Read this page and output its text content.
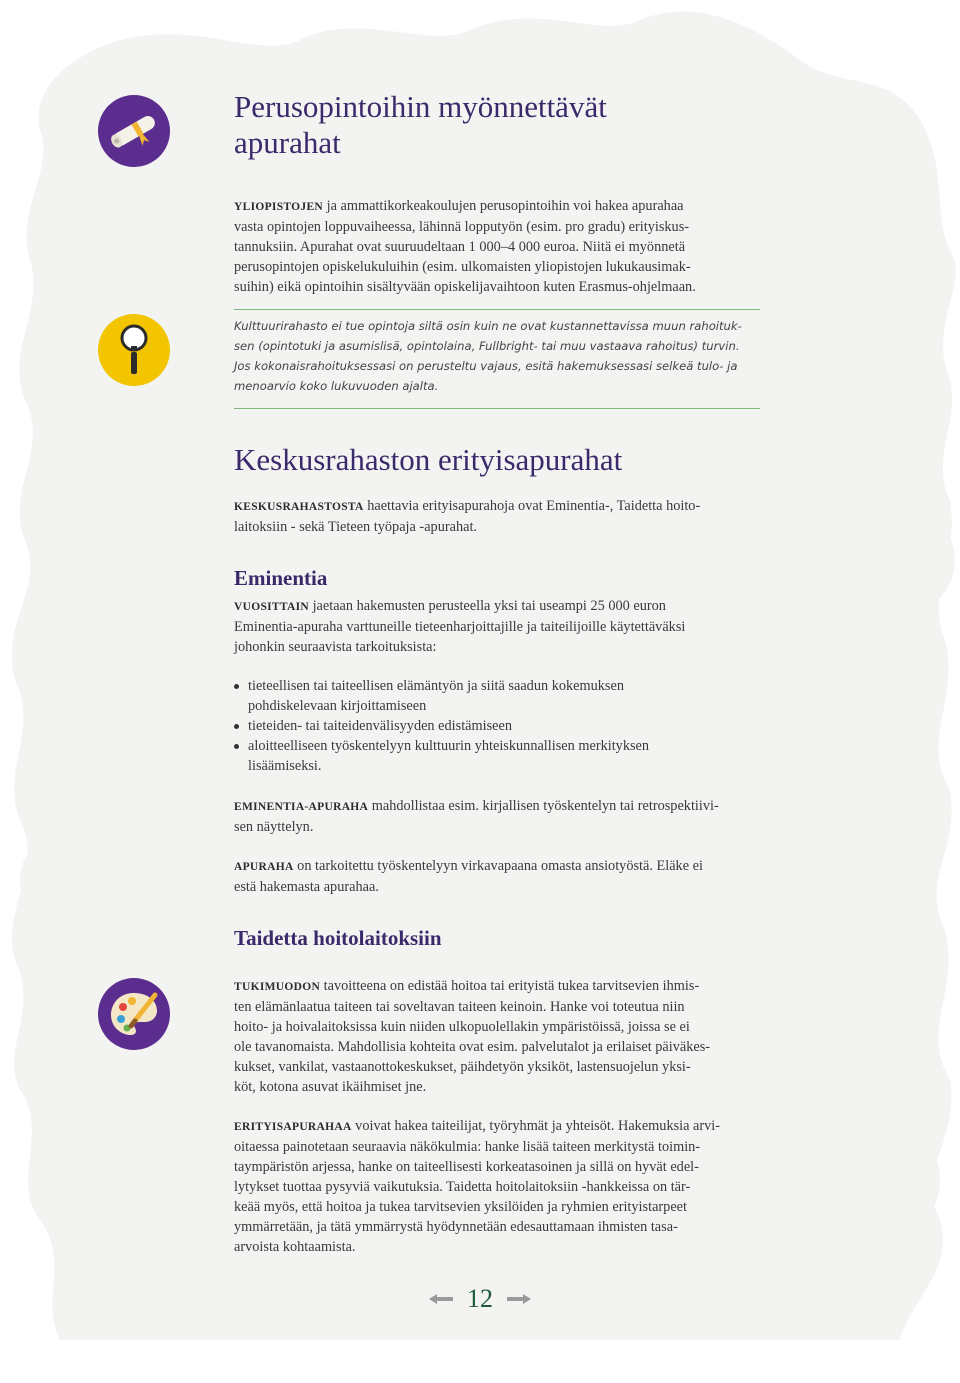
Perusopintoihin myönnettävät
apurahat

YLIOPISTOJEN ja ammattikorkeakoulujen perusopintoihin voi hakea apurahaa

vasta opintojen loppuvaiheessa, lähinnä lopputyön (esim. pro gradu) erityiskus-

tannuksiin. Apurahat ovat suuruudeltaan 1 000–4 000 euroa. Niitä ei myönnetä

perusopintojen opiskelukuluihin (esim. ulkomaisten yliopistojen lukukausimak-

suihin) eikä opintoihin sisältyvään opiskelijavaihtoon kuten Erasmus-ohjelmaan.

Kulttuurirahasto ei tue opintoja siltä osin kuin ne ovat kustannettavissa muun rahoituk-
sen (opintotuki ja asumislisä, opintolaina, Fullbright- tai muu vastaava rahoitus) turvin.
Jos kokonaisrahoituksessasi on perusteltu vajaus, esitä hakemuksessasi selkeä tulo- ja
menoarvio koko lukuvuoden ajalta.
Keskusrahaston erityisapurahat

KESKUSRAHASTOSTA haettavia erityisapurahoja ovat Eminentia-, Taidetta hoito-

laitoksiin - sekä Tieteen työpaja -apurahat.

Eminentia

VUOSITTAIN jaetaan hakemusten perusteella yksi tai useampi 25 000 euron

Eminentia-apuraha varttuneille tieteenharjoittajille ja taiteilijoille käytettäväksi

johonkin seuraavista tarkoituksista:

tieteellisen tai taiteellisen elämäntyön ja siitä saadun kokemuksen
pohdiskelevaan kirjoittamiseen
tieteiden- tai taiteidenvälisyyden edistämiseen
aloitteelliseen työskentelyyn kulttuurin yhteiskunnallisen merkityksen
lisäämiseksi.

EMINENTIA-APURAHA mahdollistaa esim. kirjallisen työskentelyn tai retrospektiivi-

sen näyttelyn.

APURAHA on tarkoitettu työskentelyyn virkavapaana omasta ansiotyöstä. Eläke ei

estä hakemasta apurahaa.

Taidetta hoitolaitoksiin

TUKIMUODON tavoitteena on edistää hoitoa tai erityistä tukea tarvitsevien ihmis-

ten elämänlaatua taiteen tai soveltavan taiteen keinoin. Hanke voi toteutua niin

hoito- ja hoivalaitoksissa kuin niiden ulkopuolellakin ympäristöissä, joissa se ei

ole tavanomaista. Mahdollisia kohteita ovat esim. palvelutalot ja erilaiset päiväkes-

kukset, vankilat, vastaanottokeskukset, päihdetyön yksiköt, lastensuojelun yksi-

köt, kotona asuvat ikäihmiset jne.

ERITYISAPURAHAA voivat hakea taiteilijat, työryhmät ja yhteisöt. Hakemuksia arvi-

oitaessa painotetaan seuraavia näkökulmia: hanke lisää taiteen merkitystä toimin-

taympäristön arjessa, hanke on taiteellisesti korkeatasoinen ja sillä on hyvät edel-

lytykset tuottaa pysyviä vaikutuksia. Taidetta hoitolaitoksiin -hankkeissa on tär-

keää myös, että hoitoa ja tukea tarvitsevien yksilöiden ja ryhmien erityistarpeet

ymmärretään, ja tätä ymmärrystä hyödynnetään edesauttamaan ihmisten tasa-

arvoista kohtaamista.

12
